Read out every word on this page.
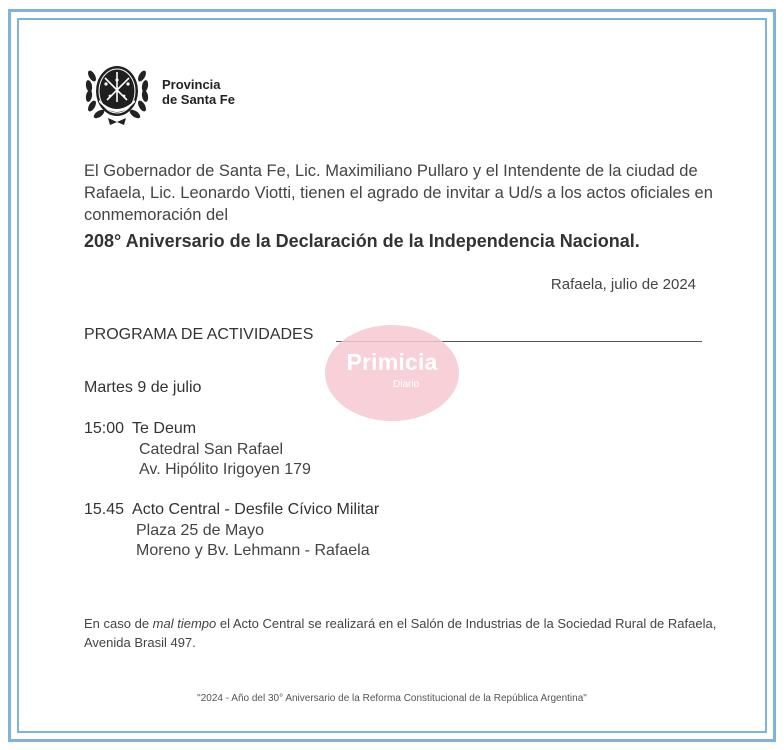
Provincia
de Santa Fe

El Gobernador de Santa Fe, Lic. Maximiliano Pullaro y el Intendente de la ciudad de Rafaela, Lic. Leonardo Viotti, tienen el agrado de invitar a Ud/s a los actos oficiales en conmemoración del

208° Aniversario de la Declaración de la Independencia Nacional.
Rafaela, julio de 2024
PROGRAMA DE ACTIVIDADES
Primicia
Diario
Martes 9 de julio
15:00 Te Deum
Catedral San Rafael
Av. Hipólito Irigoyen 179
15.45 Acto Central - Desfile Cívico Militar
Plaza 25 de Mayo
Moreno y Bv. Lehmann - Rafaela

En caso de mal tiempo el Acto Central se realizará en el Salón de Industrias de la Sociedad Rural de Rafaela, Avenida Brasil 497.

"2024 - Año del 30° Aniversario de la Reforma Constitucional de la República Argentina"
